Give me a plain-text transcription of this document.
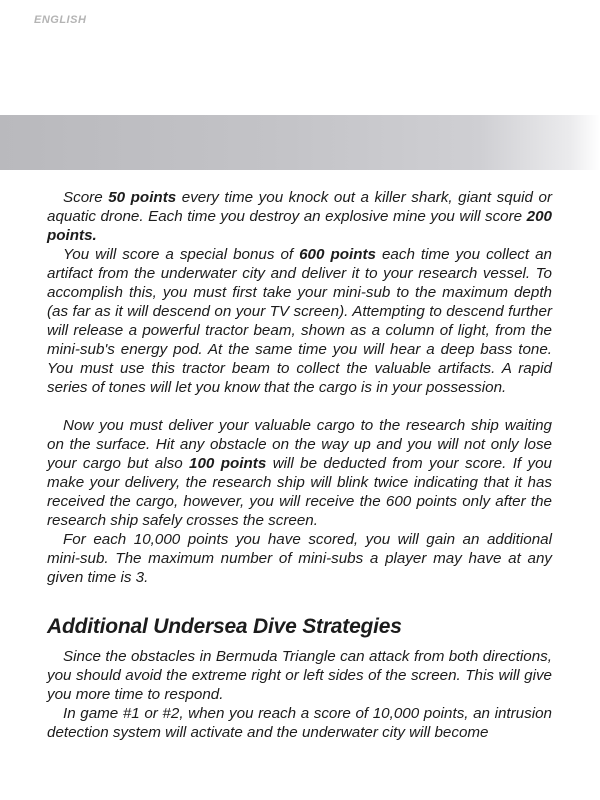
ENGLISH

Score 50 points every time you knock out a killer shark, giant squid or aquatic drone. Each time you destroy an explosive mine you will score 200 points.

You will score a special bonus of 600 points each time you collect an artifact from the underwater city and deliver it to your research vessel. To accomplish this, you must first take your mini-sub to the maximum depth (as far as it will descend on your TV screen). Attempting to descend further will release a powerful tractor beam, shown as a column of light, from the mini-sub's energy pod. At the same time you will hear a deep bass tone. You must use this tractor beam to collect the valuable artifacts. A rapid series of tones will let you know that the cargo is in your possession.

Now you must deliver your valuable cargo to the research ship waiting on the surface. Hit any obstacle on the way up and you will not only lose your cargo but also 100 points will be deducted from your score. If you make your delivery, the research ship will blink twice indicating that it has received the cargo, however, you will receive the 600 points only after the research ship safely crosses the screen.

For each 10,000 points you have scored, you will gain an additional mini-sub. The maximum number of mini-subs a player may have at any given time is 3.

Additional Undersea Dive Strategies

Since the obstacles in Bermuda Triangle can attack from both directions, you should avoid the extreme right or left sides of the screen. This will give you more time to respond.

In game #1 or #2, when you reach a score of 10,000 points, an intrusion detection system will activate and the underwater city will become
